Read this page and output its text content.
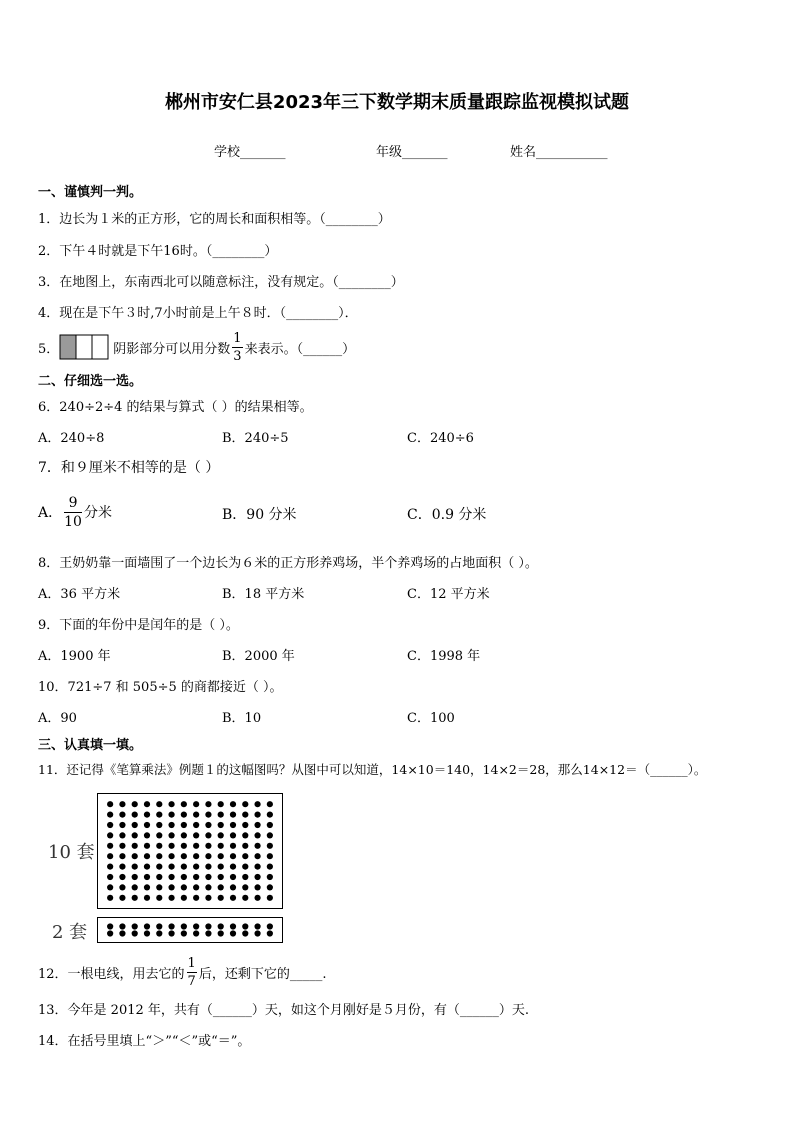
郴州市安仁县2023年三下数学期末质量跟踪监视模拟试题
学校_______	年级_______	姓名___________
一、谨慎判一判。
1．边长为１米的正方形，它的周长和面积相等。（________）
2．下午４时就是下午16时。（________）
3．在地图上，东南西北可以随意标注，没有规定。（________）
4．现在是下午３时,7小时前是上午８时．（________）．
5．	阴影部分可以用分数 $\frac{1}{3}$ 来表示。（______）
二、仔细选一选。
6．240÷2÷4 的结果与算式（ ）的结果相等。
A．240÷8	B．240÷5	C．240÷6
7．和９厘米不相等的是（ ）
A． $\frac{9}{10}$ 分米	B．90 分米	C．0.9 分米
8．王奶奶靠一面墙围了一个边长为６米的正方形养鸡场，半个养鸡场的占地面积（ ）。
A．36 平方米	B．18 平方米	C．12 平方米
9．下面的年份中是闰年的是（ ）。
A．1900 年	B．2000 年	C．1998 年
10．721÷7 和 505÷5 的商都接近（ ）。
A．90	B．10	C．100
三、认真填一填。
11．还记得《笔算乘法》例题１的这幅图吗？从图中可以知道，14×10＝140，14×2＝28，那么14×12＝（______）。
10 套
2 套
12．一根电线，用去它的 $\frac{1}{7}$ 后，还剩下它的_____.
13．今年是 2012 年，共有（______）天，如这个月刚好是５月份，有（______）天.
14．在括号里填上“＞”“＜”或“＝”。
